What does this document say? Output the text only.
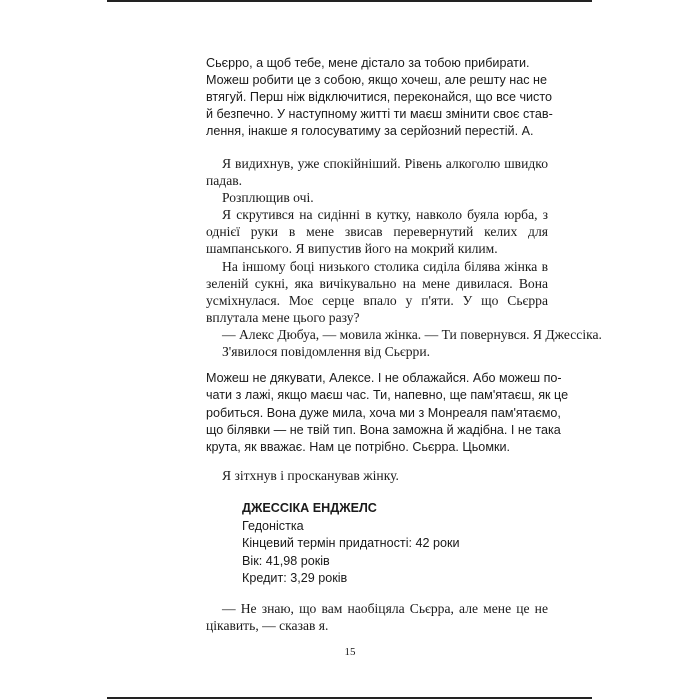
Сьєрро, а щоб тебе, мене дістало за тобою прибирати.

Можеш робити це з собою, якщо хочеш, але решту нас не

втягуй. Перш ніж відключитися, переконайся, що все чисто

й безпечно. У наступному житті ти маєш змінити своє став-

лення, інакше я голосуватиму за серйозний перестій. А.

Я видихнув, уже спокійніший. Рівень алкоголю швидко падав.

Розплющив очі.

Я скрутився на сидінні в кутку, навколо буяла юрба, з однієї руки в мене звисав перевернутий келих для шампанського. Я випустив його на мокрий килим.

На іншому боці низького столика сиділа білява жінка в зеленій сукні, яка вичікувально на мене дивилася. Вона усміхнулася. Моє серце впало у п'яти. У що Сьєрра вплутала мене цього разу?

— Алекс Дюбуа, — мовила жінка. — Ти повернувся. Я Джессіка.

З'явилося повідомлення від Сьєрри.

Можеш не дякувати, Алексе. І не облажайся. Або можеш по-

чати з лажі, якщо маєш час. Ти, напевно, ще пам'ятаєш, як це

робиться. Вона дуже мила, хоча ми з Монреаля пам'ятаємо,

що білявки — не твій тип. Вона заможна й жадібна. І не така

крута, як вважає. Нам це потрібно. Сьєрра. Цьомки.

Я зітхнув і просканував жінку.

ДЖЕССІКА ЕНДЖЕЛС
Гедоністка
Кінцевий термін придатності: 42 роки
Вік: 41,98 років
Кредит: 3,29 років

— Не знаю, що вам наобіцяла Сьєрра, але мене це не цікавить, — сказав я.

15
